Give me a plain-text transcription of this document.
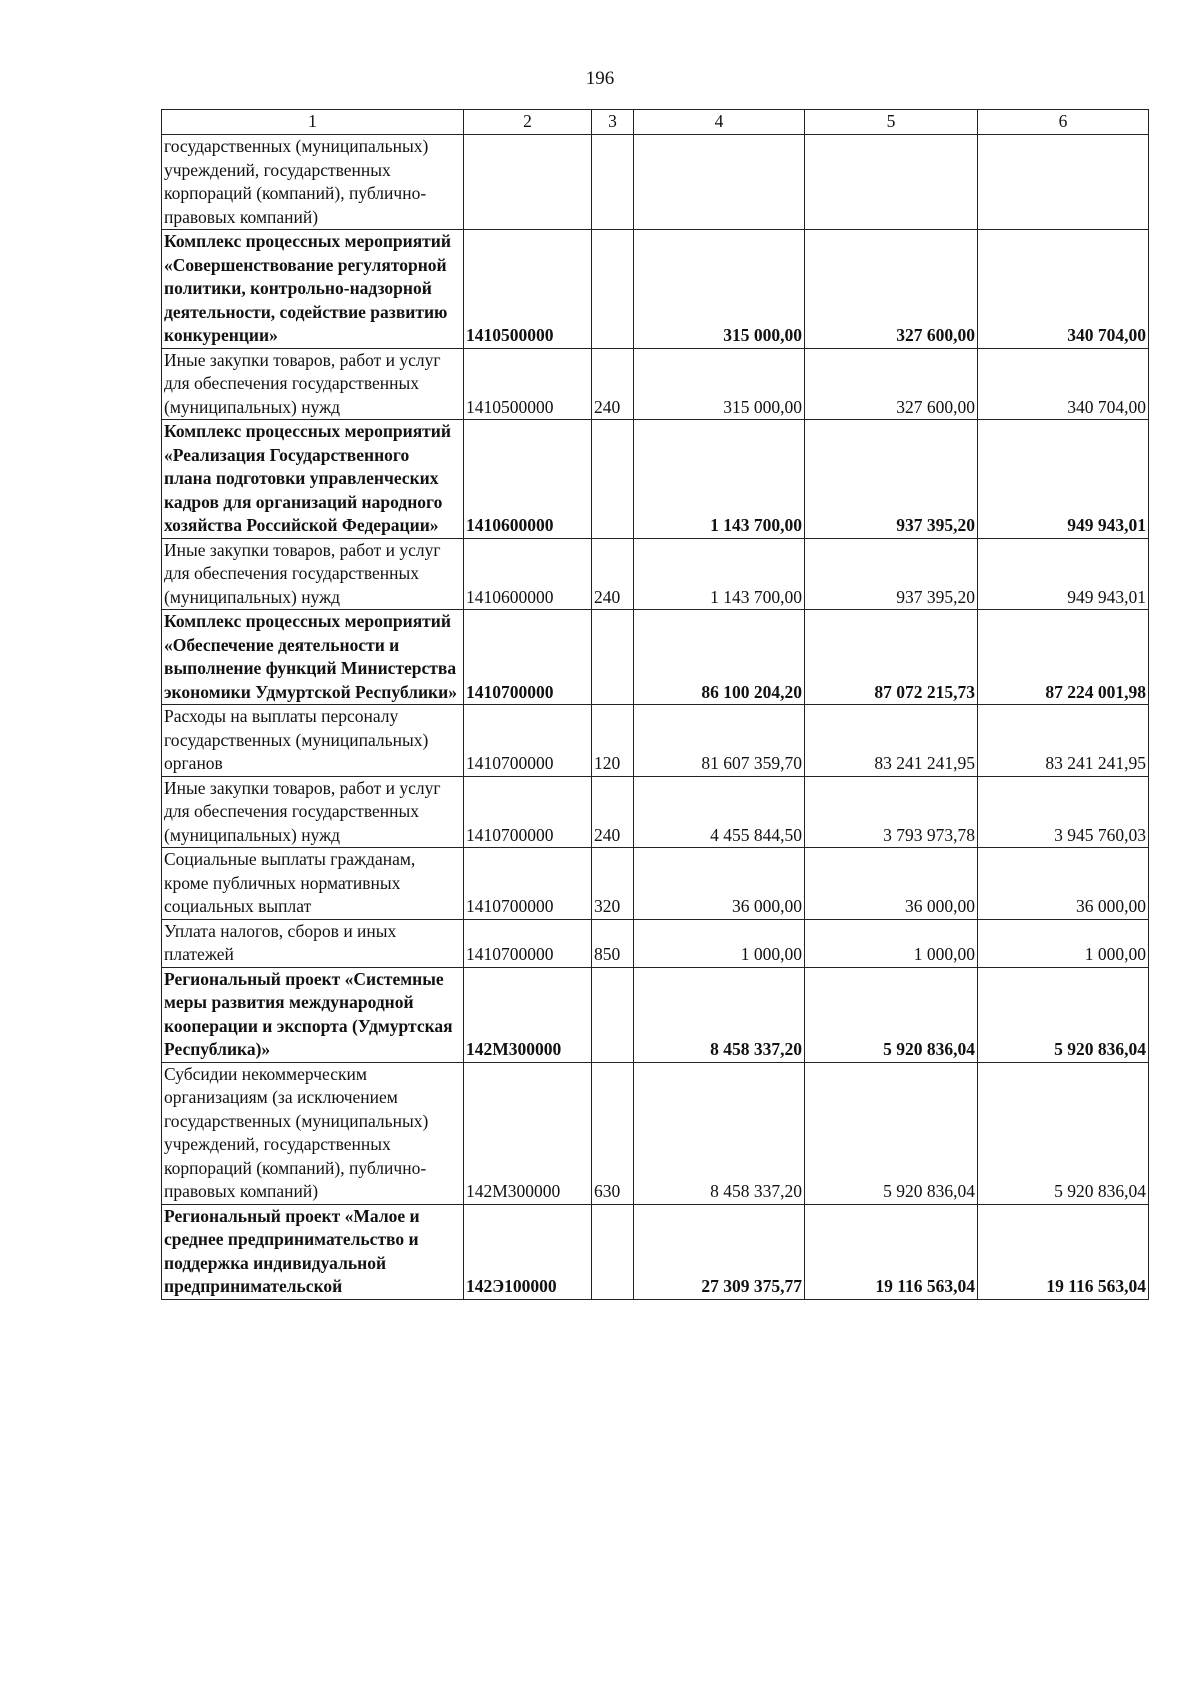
196
1	2	3	4	5	6
государственных (муниципальных) учреждений, государственных корпораций (компаний), публично-правовых компаний)					
Комплекс процессных мероприятий «Совершенствование регуляторной политики, контрольно-надзорной деятельности, содействие развитию конкуренции»	1410500000		315 000,00	327 600,00	340 704,00
Иные закупки товаров, работ и услуг для обеспечения государственных (муниципальных) нужд	1410500000	240	315 000,00	327 600,00	340 704,00
Комплекс процессных мероприятий «Реализация Государственного плана подготовки управленческих кадров для организаций народного хозяйства Российской Федерации»	1410600000		1 143 700,00	937 395,20	949 943,01
Иные закупки товаров, работ и услуг для обеспечения государственных (муниципальных) нужд	1410600000	240	1 143 700,00	937 395,20	949 943,01
Комплекс процессных мероприятий «Обеспечение деятельности и выполнение функций Министерства экономики Удмуртской Республики»	1410700000		86 100 204,20	87 072 215,73	87 224 001,98
Расходы на выплаты персоналу государственных (муниципальных) органов	1410700000	120	81 607 359,70	83 241 241,95	83 241 241,95
Иные закупки товаров, работ и услуг для обеспечения государственных (муниципальных) нужд	1410700000	240	4 455 844,50	3 793 973,78	3 945 760,03
Социальные выплаты гражданам, кроме публичных нормативных социальных выплат	1410700000	320	36 000,00	36 000,00	36 000,00
Уплата налогов, сборов и иных платежей	1410700000	850	1 000,00	1 000,00	1 000,00
Региональный проект «Системные меры развития международной кооперации и экспорта (Удмуртская Республика)»	142М300000		8 458 337,20	5 920 836,04	5 920 836,04
Субсидии некоммерческим организациям (за исключением государственных (муниципальных) учреждений, государственных корпораций (компаний), публично-правовых компаний)	142М300000	630	8 458 337,20	5 920 836,04	5 920 836,04
Региональный проект «Малое и среднее предпринимательство и поддержка индивидуальной предпринимательской	142Э100000		27 309 375,77	19 116 563,04	19 116 563,04
